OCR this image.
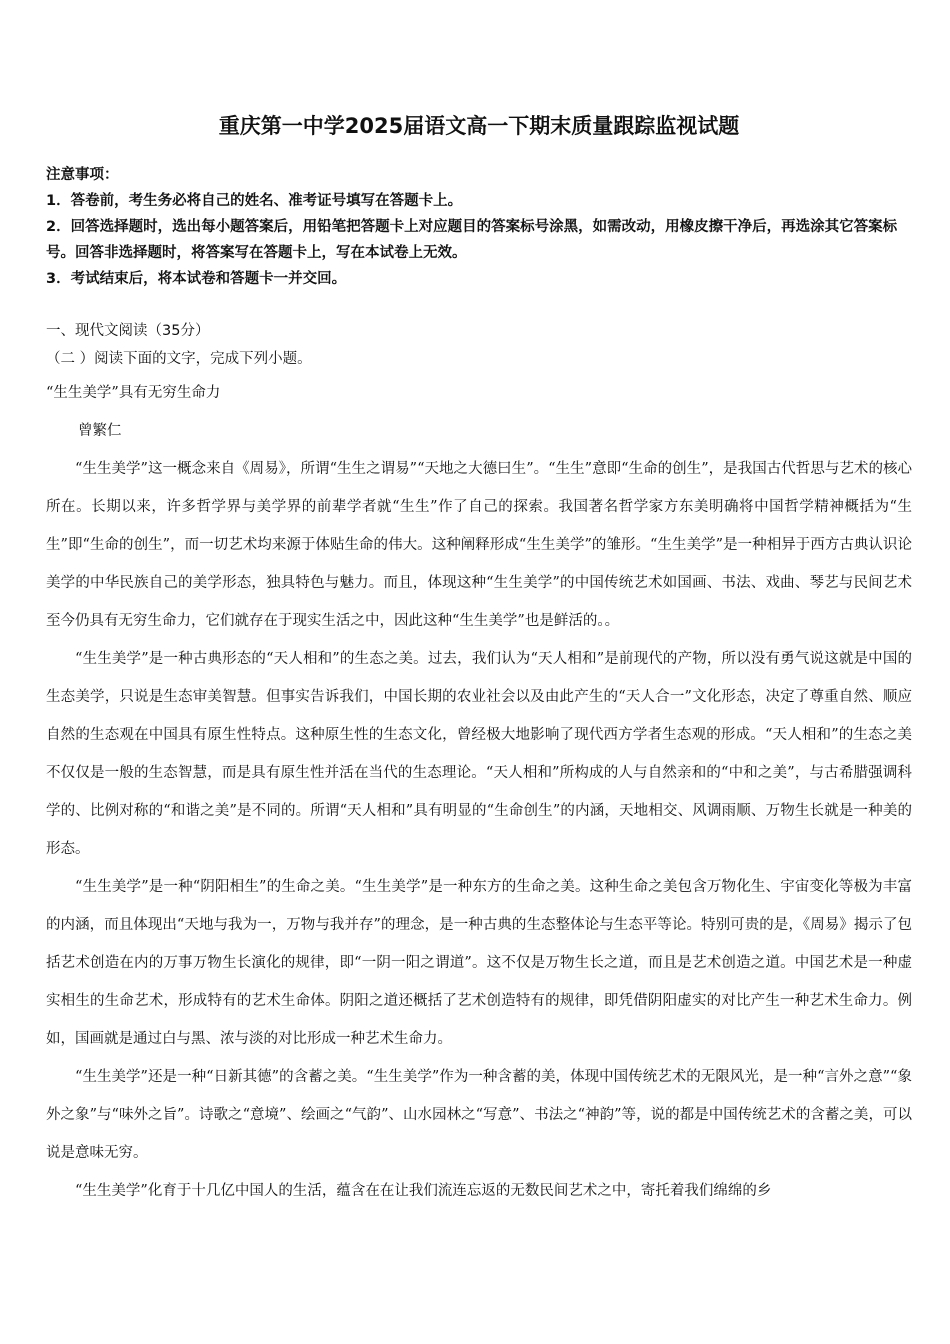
重庆第一中学2025届语文高一下期末质量跟踪监视试题

注意事项：

1．答卷前，考生务必将自己的姓名、准考证号填写在答题卡上。

2．回答选择题时，选出每小题答案后，用铅笔把答题卡上对应题目的答案标号涂黑，如需改动，用橡皮擦干净后，再选涂其它答案标号。回答非选择题时，将答案写在答题卡上，写在本试卷上无效。

3．考试结束后，将本试卷和答题卡一并交回。

一、现代文阅读（35分）

（二 ）阅读下面的文字，完成下列小题。

“生生美学”具有无穷生命力

曾繁仁

“生生美学”这一概念来自《周易》，所谓“生生之谓易”“天地之大德曰生”。“生生”意即“生命的创生”，是我国古代哲思与艺术的核心所在。长期以来，许多哲学界与美学界的前辈学者就“生生”作了自己的探索。我国著名哲学家方东美明确将中国哲学精神概括为“生生”即“生命的创生”，而一切艺术均来源于体贴生命的伟大。这种阐释形成“生生美学”的雏形。“生生美学”是一种相异于西方古典认识论美学的中华民族自己的美学形态，独具特色与魅力。而且，体现这种“生生美学”的中国传统艺术如国画、书法、戏曲、琴艺与民间艺术至今仍具有无穷生命力，它们就存在于现实生活之中，因此这种“生生美学”也是鲜活的。。

“生生美学”是一种古典形态的“天人相和”的生态之美。过去，我们认为“天人相和”是前现代的产物，所以没有勇气说这就是中国的生态美学，只说是生态审美智慧。但事实告诉我们，中国长期的农业社会以及由此产生的“天人合一”文化形态，决定了尊重自然、顺应自然的生态观在中国具有原生性特点。这种原生性的生态文化，曾经极大地影响了现代西方学者生态观的形成。“天人相和”的生态之美不仅仅是一般的生态智慧，而是具有原生性并活在当代的生态理论。“天人相和”所构成的人与自然亲和的“中和之美”，与古希腊强调科学的、比例对称的“和谐之美”是不同的。所谓“天人相和”具有明显的“生命创生”的内涵，天地相交、风调雨顺、万物生长就是一种美的形态。

“生生美学”是一种“阴阳相生”的生命之美。“生生美学”是一种东方的生命之美。这种生命之美包含万物化生、宇宙变化等极为丰富的内涵，而且体现出“天地与我为一，万物与我并存”的理念，是一种古典的生态整体论与生态平等论。特别可贵的是，《周易》揭示了包括艺术创造在内的万事万物生长演化的规律，即“一阴一阳之谓道”。这不仅是万物生长之道，而且是艺术创造之道。中国艺术是一种虚实相生的生命艺术，形成特有的艺术生命体。阴阳之道还概括了艺术创造特有的规律，即凭借阴阳虚实的对比产生一种艺术生命力。例如，国画就是通过白与黑、浓与淡的对比形成一种艺术生命力。

“生生美学”还是一种“日新其德”的含蓄之美。“生生美学”作为一种含蓄的美，体现中国传统艺术的无限风光，是一种“言外之意”“象外之象”与“味外之旨”。诗歌之“意境”、绘画之“气韵”、山水园林之“写意”、书法之“神韵”等，说的都是中国传统艺术的含蓄之美，可以说是意味无穷。

“生生美学”化育于十几亿中国人的生活，蕴含在在让我们流连忘返的无数民间艺术之中，寄托着我们绵绵的乡
